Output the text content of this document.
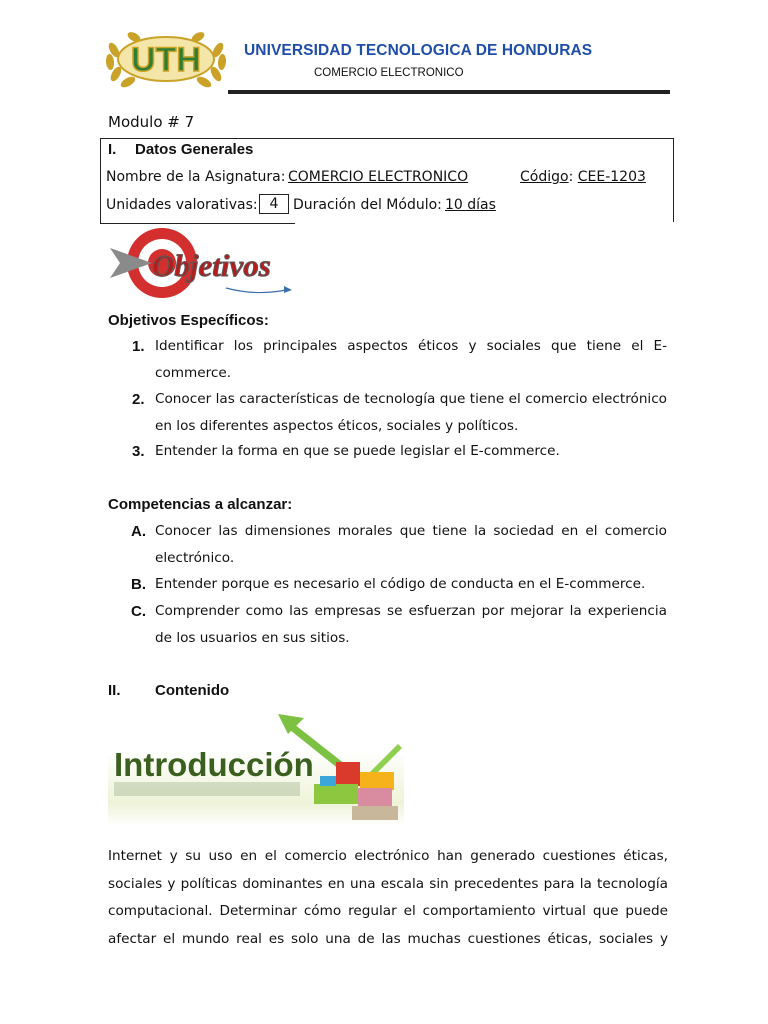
UTH	UNIVERSIDAD TECNOLOGICA DE HONDURAS
COMERCIO ELECTRONICO
Modulo # 7
I. Datos Generales
Nombre de la Asignatura: COMERCIO ELECTRONICO	Código: CEE-1203
Unidades valorativas: 4	Duración del Módulo: 10 días
Objetivos
Objetivos Específicos:
1. Identificar los principales aspectos éticos y sociales que tiene el E-
commerce.
2. Conocer las características de tecnología que tiene el comercio electrónico
en los diferentes aspectos éticos, sociales y políticos.
3. Entender la forma en que se puede legislar el E-commerce.
Competencias a alcanzar:
A. Conocer las dimensiones morales que tiene la sociedad en el comercio
electrónico.
B. Entender porque es necesario el código de conducta en el E-commerce.
C. Comprender como las empresas se esfuerzan por mejorar la experiencia
de los usuarios en sus sitios.
II. Contenido
Introducción
Internet y su uso en el comercio electrónico han generado cuestiones éticas,
sociales y políticas dominantes en una escala sin precedentes para la tecnología
computacional. Determinar cómo regular el comportamiento virtual que puede
afectar el mundo real es solo una de las muchas cuestiones éticas, sociales y
